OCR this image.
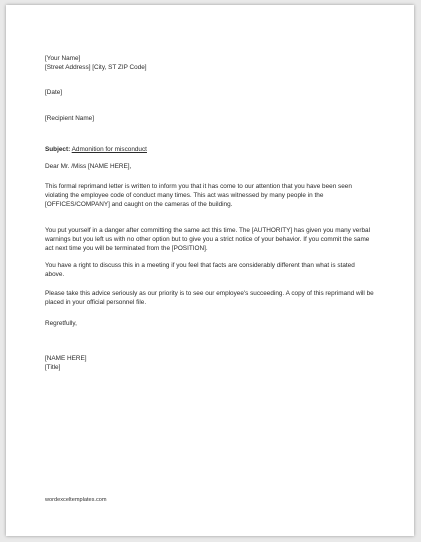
[Your Name]
[Street Address] [City, ST ZIP Code]
[Date]
[Recipient Name]
Subject: Admonition for misconduct
Dear Mr. /Miss [NAME HERE],
This formal reprimand letter is written to inform you that it has come to our attention that you have been seen violating the employee code of conduct many times. This act was witnessed by many people in the [OFFICES/COMPANY] and caught on the cameras of the building.
You put yourself in a danger after committing the same act this time. The [AUTHORITY] has given you many verbal warnings but you left us with no other option but to give you a strict notice of your behavior. If you commit the same act next time you will be terminated from the [POSITION].
You have a right to discuss this in a meeting if you feel that facts are considerably different than what is stated above.
Please take this advice seriously as our priority is to see our employee's succeeding. A copy of this reprimand will be placed in your official personnel file.
Regretfully,
[NAME HERE]
[Title]
wordexceltemplates.com
